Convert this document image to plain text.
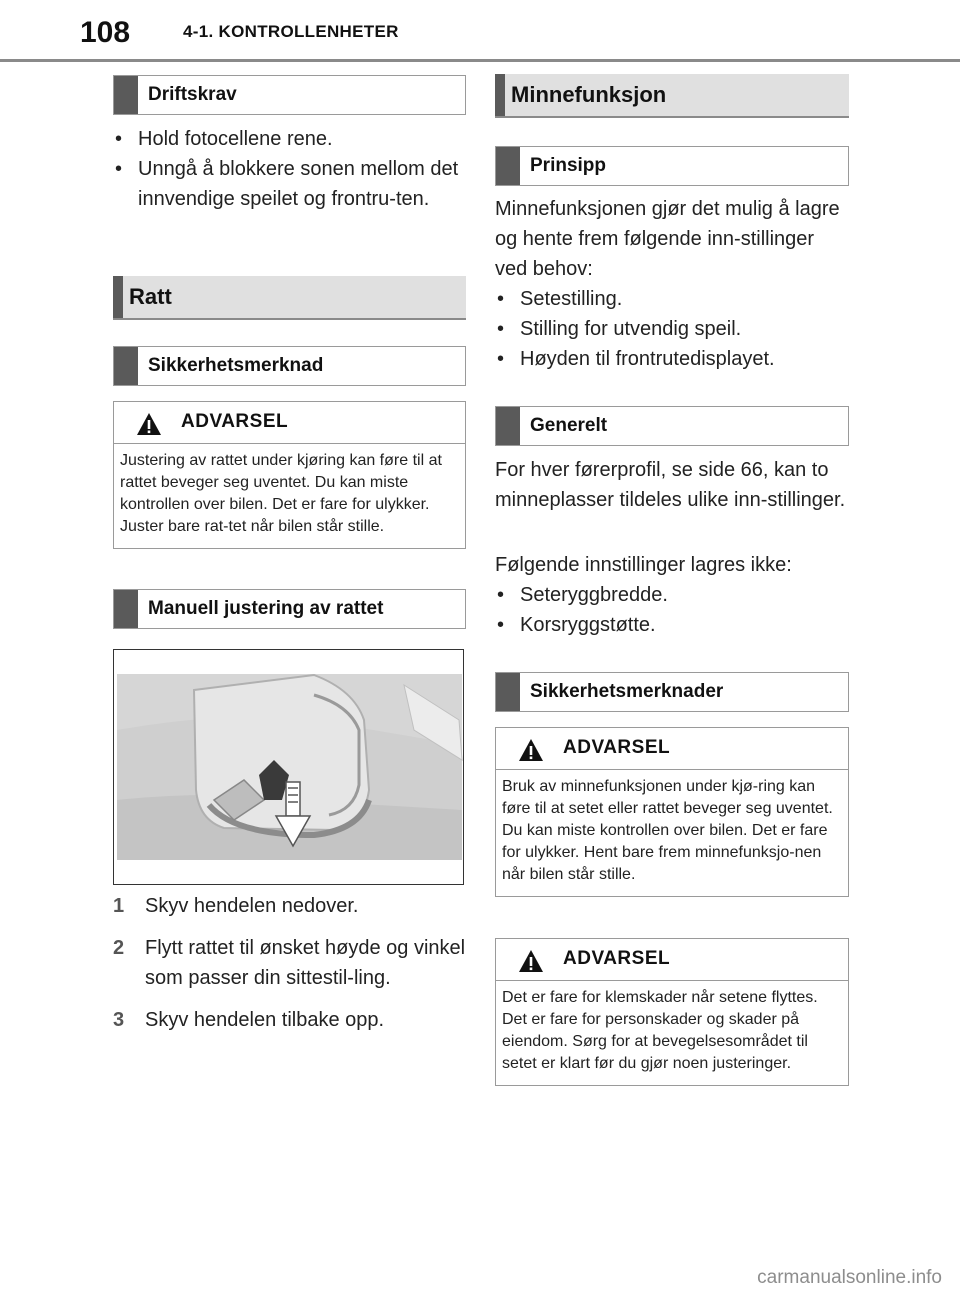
108	4-1. KONTROLLENHETER
Driftskrav
• Hold fotocellene rene.
• Unngå å blokkere sonen mellom det innvendige speilet og frontru-ten.
Ratt
Sikkerhetsmerknad
ADVARSEL
Justering av rattet under kjøring kan føre til at rattet beveger seg uventet. Du kan miste kontrollen over bilen. Det er fare for ulykker. Juster bare rat-tet når bilen står stille.
Manuell justering av rattet
1 Skyv hendelen nedover.
2 Flytt rattet til ønsket høyde og vinkel som passer din sittestil-ling.
3 Skyv hendelen tilbake opp.
Minnefunksjon
Prinsipp
Minnefunksjonen gjør det mulig å lagre og hente frem følgende inn-stillinger ved behov:
• Setestilling.
• Stilling for utvendig speil.
• Høyden til frontrutedisplayet.
Generelt
For hver førerprofil, se side 66, kan to minneplasser tildeles ulike inn-stillinger.
Følgende innstillinger lagres ikke:
• Seteryggbredde.
• Korsryggstøtte.
Sikkerhetsmerknader
ADVARSEL
Bruk av minnefunksjonen under kjø-ring kan føre til at setet eller rattet beveger seg uventet. Du kan miste kontrollen over bilen. Det er fare for ulykker. Hent bare frem minnefunksjo-nen når bilen står stille.
ADVARSEL
Det er fare for klemskader når setene flyttes. Det er fare for personskader og skader på eiendom. Sørg for at bevegelsesområdet til setet er klart før du gjør noen justeringer.
carmanualsonline.info
